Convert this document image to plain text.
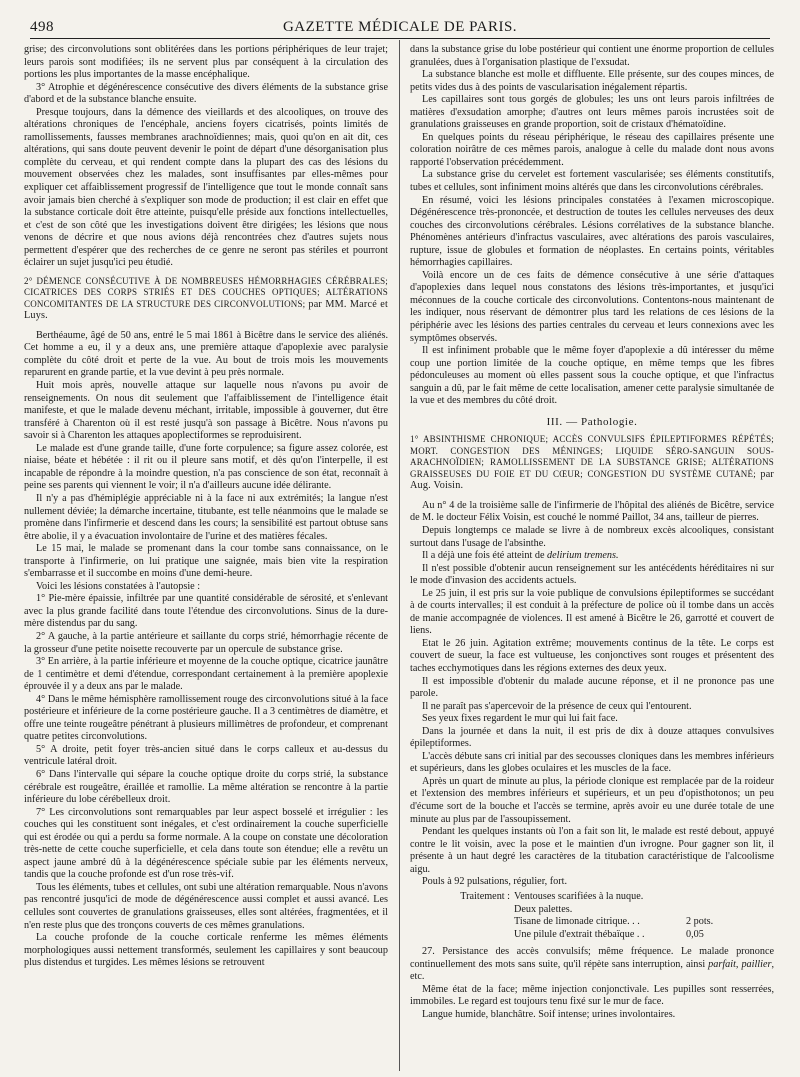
498	GAZETTE MÉDICALE DE PARIS.

grise; des circonvolutions sont oblitérées dans les portions périphériques de leur trajet; leurs parois sont modifiées; ils ne servent plus par conséquent à la circulation des portions les plus importantes de la masse encéphalique.

3° Atrophie et dégénérescence consécutive des divers éléments de la substance grise d'abord et de la substance blanche ensuite.

Presque toujours, dans la démence des vieillards et des alcooliques, on trouve des altérations chroniques de l'encéphale, anciens foyers cicatrisés, points limités de ramollissements, fausses membranes arachnoïdiennes; mais, quoi qu'on en ait dit, ces altérations, qui sans doute peuvent devenir le point de départ d'une désorganisation plus complète du cerveau, et qui rendent compte dans la plupart des cas des lésions du mouvement observées chez les malades, sont insuffisantes par elles-mêmes pour expliquer cet affaiblissement progressif de l'intelligence que tout le monde connaît sans avoir jamais bien cherché à s'expliquer son mode de production; il est clair en effet que la substance corticale doit être atteinte, puisqu'elle préside aux fonctions intellectuelles, et c'est de son côté que les investigations doivent être dirigées; les lésions que nous venons de décrire et que nous avions déjà rencontrées chez d'autres sujets nous permettent d'espérer que des recherches de ce genre ne seront pas stériles et pourront éclairer un sujet jusqu'ici peu étudié.

2° DÉMENCE CONSÉCUTIVE À DE NOMBREUSES HÉMORRHAGIES CÉRÉBRALES; CICATRICES DES CORPS STRIÉS ET DES COUCHES OPTIQUES; ALTÉRATIONS CONCOMITANTES DE LA STRUCTURE DES CIRCONVOLUTIONS; par MM. Marcé et Luys.

Berthéaume, âgé de 50 ans, entré le 5 mai 1861 à Bicêtre dans le service des aliénés. Cet homme a eu, il y a deux ans, une première attaque d'apoplexie avec paralysie complète du côté droit et perte de la vue. Au bout de trois mois les mouvements reparurent en grande partie, et la vue devint à peu près normale.

Huit mois après, nouvelle attaque sur laquelle nous n'avons pu avoir de renseignements. On nous dit seulement que l'affaiblissement de l'intelligence était manifeste, et que le malade devenu méchant, irritable, impossible à gouverner, dut être transféré à Charenton où il est resté jusqu'à son passage à Bicêtre. Nous n'avons pu savoir si à Charenton les attaques apoplectiformes se reproduisirent.

Le malade est d'une grande taille, d'une forte corpulence; sa figure assez colorée, est niaise, béate et hébétée : il rit ou il pleure sans motif, et dès qu'on l'interpelle, il est incapable de répondre à la moindre question, n'a pas conscience de son état, reconnaît à peine ses parents qui viennent le voir; il n'a d'ailleurs aucune idée délirante.

Il n'y a pas d'hémiplégie appréciable ni à la face ni aux extrémités; la langue n'est nullement déviée; la démarche incertaine, titubante, est telle néanmoins que le malade se promène dans l'infirmerie et descend dans les cours; la sensibilité est partout obtuse sans être abolie, il y a évacuation involontaire de l'urine et des matières fécales.

Le 15 mai, le malade se promenant dans la cour tombe sans connaissance, on le transporte à l'infirmerie, on lui pratique une saignée, mais bien vite la respiration s'embarrasse et il succombe en moins d'une demi-heure.

Voici les lésions constatées à l'autopsie :

1° Pie-mère épaissie, infiltrée par une quantité considérable de sérosité, et s'enlevant avec la plus grande facilité dans toute l'étendue des circonvolutions. Sinus de la dure-mère distendus par du sang.

2° A gauche, à la partie antérieure et saillante du corps strié, hémorrhagie récente de la grosseur d'une petite noisette recouverte par un opercule de substance grise.

3° En arrière, à la partie inférieure et moyenne de la couche optique, cicatrice jaunâtre de 1 centimètre et demi d'étendue, correspondant certainement à la première apoplexie éprouvée il y a deux ans par le malade.

4° Dans le même hémisphère ramollissement rouge des circonvolutions situé à la face postérieure et inférieure de la corne postérieure gauche. Il a 3 centimètres de diamètre, et offre une teinte rougeâtre pénétrant à plusieurs millimètres de profondeur, et comprenant quatre petites circonvolutions.

5° A droite, petit foyer très-ancien situé dans le corps calleux et au-dessus du ventricule latéral droit.

6° Dans l'intervalle qui sépare la couche optique droite du corps strié, la substance cérébrale est rougeâtre, éraillée et ramollie. La même altération se rencontre à la partie inférieure du lobe cérébelleux droit.

7° Les circonvolutions sont remarquables par leur aspect bosselé et irrégulier : les couches qui les constituent sont inégales, et c'est ordinairement la couche superficielle qui est érodée ou qui a perdu sa forme normale. A la coupe on constate une décoloration très-nette de cette couche superficielle, et cela dans toute son étendue; elle a revêtu un aspect jaune ambré dû à la dégénérescence spéciale subie par les éléments nerveux, tandis que la couche profonde est d'un rose très-vif.

Tous les éléments, tubes et cellules, ont subi une altération remarquable. Nous n'avons pas rencontré jusqu'ici de mode de dégénérescence aussi complet et aussi avancé. Les cellules sont couvertes de granulations graisseuses, elles sont altérées, fragmentées, et il n'en reste plus que des tronçons couverts de ces mêmes granulations.

La couche profonde de la couche corticale renferme les mêmes éléments morphologiques aussi nettement transformés, seulement les capillaires y sont beaucoup plus distendus et turgides. Les mêmes lésions se retrouvent

dans la substance grise du lobe postérieur qui contient une énorme proportion de cellules granulées, dues à l'organisation plastique de l'exsudat.

La substance blanche est molle et diffluente. Elle présente, sur des coupes minces, de petits vides dus à des points de vascularisation inégalement répartis.

Les capillaires sont tous gorgés de globules; les uns ont leurs parois infiltrées de matières d'exsudation amorphe; d'autres ont leurs mêmes parois incrustées soit de granulations graisseuses en grande proportion, soit de cristaux d'hématoïdine.

En quelques points du réseau périphérique, le réseau des capillaires présente une coloration noirâtre de ces mêmes parois, analogue à celle du malade dont nous avons rapporté l'observation précédemment.

La substance grise du cervelet est fortement vascularisée; ses éléments constitutifs, tubes et cellules, sont infiniment moins altérés que dans les circonvolutions cérébrales.

En résumé, voici les lésions principales constatées à l'examen microscopique. Dégénérescence très-prononcée, et destruction de toutes les cellules nerveuses des deux couches des circonvolutions cérébrales. Lésions corrélatives de la substance blanche. Phénomènes antérieurs d'infractus vasculaires, avec altérations des parois vasculaires, rupture, issue de globules et formation de néoplastes. En certains points, véritables hémorrhagies capillaires.

Voilà encore un de ces faits de démence consécutive à une série d'attaques d'apoplexies dans lequel nous constatons des lésions très-importantes, et jusqu'ici méconnues de la couche corticale des circonvolutions. Contentons-nous maintenant de les indiquer, nous réservant de démontrer plus tard les relations de ces lésions de la périphérie avec les lésions des parties centrales du cerveau et leurs connexions avec les symptômes observés.

Il est infiniment probable que le même foyer d'apoplexie a dû intéresser du même coup une portion limitée de la couche optique, en même temps que les fibres pédonculeuses au moment où elles passent sous la couche optique, et que l'infractus sanguin a dû, par le fait même de cette localisation, amener cette paralysie simultanée de la vue et des membres du côté droit.

III. — Pathologie.

1° ABSINTHISME CHRONIQUE; ACCÈS CONVULSIFS ÉPILEPTIFORMES RÉPÉTÉS; MORT. CONGESTION DES MÉNINGES; LIQUIDE SÉRO-SANGUIN SOUS-ARACHNOÏDIEN; RAMOLLISSEMENT DE LA SUBSTANCE GRISE; ALTÉRATIONS GRAISSEUSES DU FOIE ET DU CŒUR; CONGESTION DU SYSTÈME CUTANÉ; par Aug. Voisin.

Au n° 4 de la troisième salle de l'infirmerie de l'hôpital des aliénés de Bicêtre, service de M. le docteur Félix Voisin, est couché le nommé Paillot, 34 ans, tailleur de pierres.

Depuis longtemps ce malade se livre à de nombreux excès alcooliques, consistant surtout dans l'usage de l'absinthe.

Il a déjà une fois été atteint de delirium tremens.

Il n'est possible d'obtenir aucun renseignement sur les antécédents héréditaires ni sur le mode d'invasion des accidents actuels.

Le 25 juin, il est pris sur la voie publique de convulsions épileptiformes se succédant à de courts intervalles; il est conduit à la préfecture de police où il tombe dans un accès de manie accompagnée de violences. Il est amené à Bicêtre le 26, garrotté et couvert de liens.

Etat le 26 juin. Agitation extrême; mouvements continus de la tête. Le corps est couvert de sueur, la face est vultueuse, les conjonctives sont rouges et présentent des taches ecchymotiques dans les régions externes des deux yeux.

Il est impossible d'obtenir du malade aucune réponse, et il ne prononce pas une parole.

Il ne paraît pas s'apercevoir de la présence de ceux qui l'entourent.

Ses yeux fixes regardent le mur qui lui fait face.

Dans la journée et dans la nuit, il est pris de dix à douze attaques convulsives épileptiformes.

L'accès débute sans cri initial par des secousses cloniques dans les membres inférieurs et supérieurs, dans les globes oculaires et les muscles de la face.

Après un quart de minute au plus, la période clonique est remplacée par de la roideur et l'extension des membres inférieurs et supérieurs, et un peu d'opisthotonos; un peu d'écume sort de la bouche et l'accès se termine, après avoir eu une durée totale de une minute au plus par de l'assoupissement.

Pendant les quelques instants où l'on a fait son lit, le malade est resté debout, appuyé contre le lit voisin, avec la pose et le maintien d'un ivrogne. Pour gagner son lit, il présente à un haut degré les caractères de la titubation caractéristique de l'alcoolisme aigu.

Pouls à 92 pulsations, régulier, fort.

Traitement : Ventouses scarifiées à la nuque.
Deux palettes.
Tisane de limonade citrique. . .	2 pots.
Une pilule d'extrait thébaïque . .	0,05

27. Persistance des accès convulsifs; même fréquence. Le malade prononce continuellement des mots sans suite, qu'il répète sans interruption, ainsi parfait, paillier, etc.

Même état de la face; même injection conjonctivale. Les pupilles sont resserrées, immobiles. Le regard est toujours tenu fixé sur le mur de face.

Langue humide, blanchâtre. Soif intense; urines involontaires.
